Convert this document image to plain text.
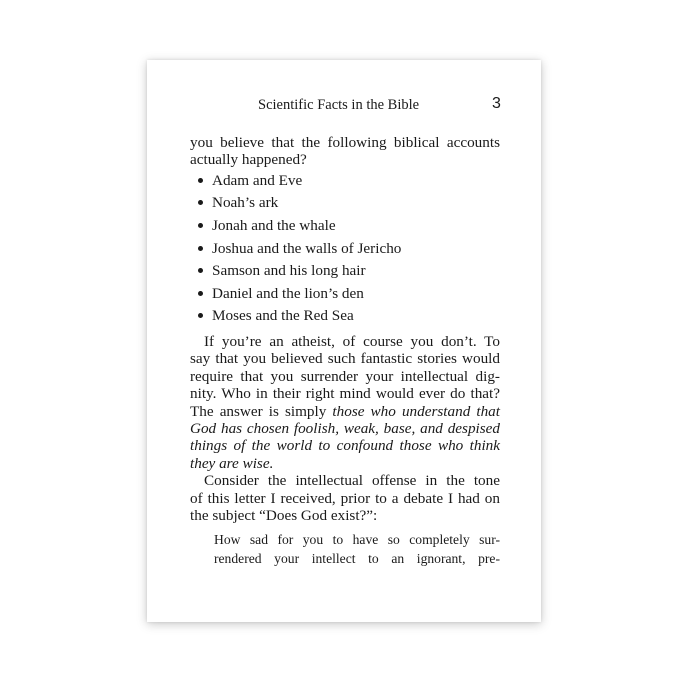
Scientific Facts in the Bible	3

you believe that the following biblical accounts
actually happened?

Adam and Eve
Noah’s ark
Jonah and the whale
Joshua and the walls of Jericho
Samson and his long hair
Daniel and the lion’s den
Moses and the Red Sea

If you’re an atheist, of course you don’t. To
say that you believed such fantastic stories would
require that you surrender your intellectual dig-
nity. Who in their right mind would ever do that?
The answer is simply those who understand that
God has chosen foolish, weak, base, and despised
things of the world to confound those who think
they are wise.

Consider the intellectual offense in the tone
of this letter I received, prior to a debate I had on
the subject “Does God exist?”:

How sad for you to have so completely sur-
rendered your intellect to an ignorant, pre-
